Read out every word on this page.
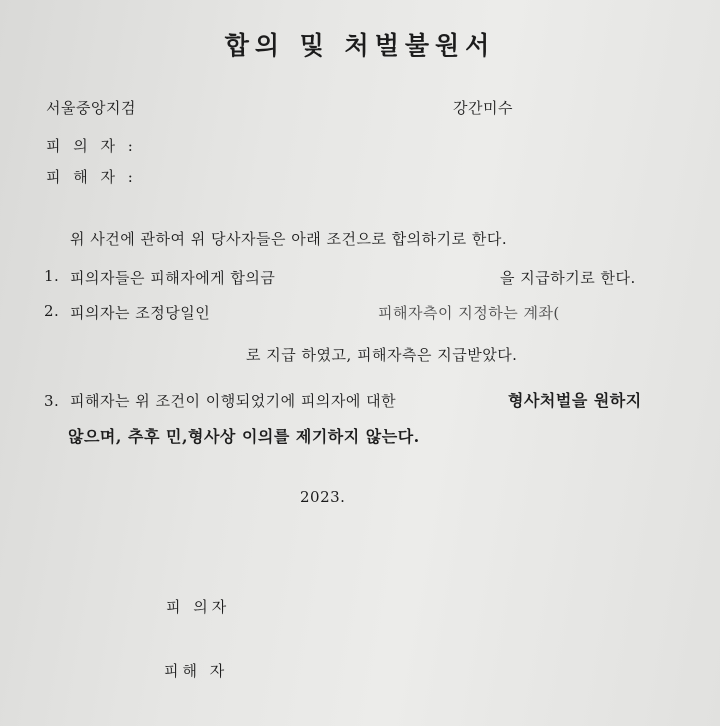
합의 및 처벌불원서
서울중앙지검	강간미수
피 의 자 :
피 해 자 :
위 사건에 관하여 위 당사자들은 아래 조건으로 합의하기로 한다.
1. 피의자들은 피해자에게 합의금	을 지급하기로 한다.
2. 피의자는 조정당일인	피해자측이 지정하는 계좌(
로 지급 하였고, 피해자측은 지급받았다.
3. 피해자는 위 조건이 이행되었기에 피의자에 대한	형사처벌을 원하지
않으며, 추후 민,형사상 이의를 제기하지 않는다.
2023.
피 의자
피해 자
